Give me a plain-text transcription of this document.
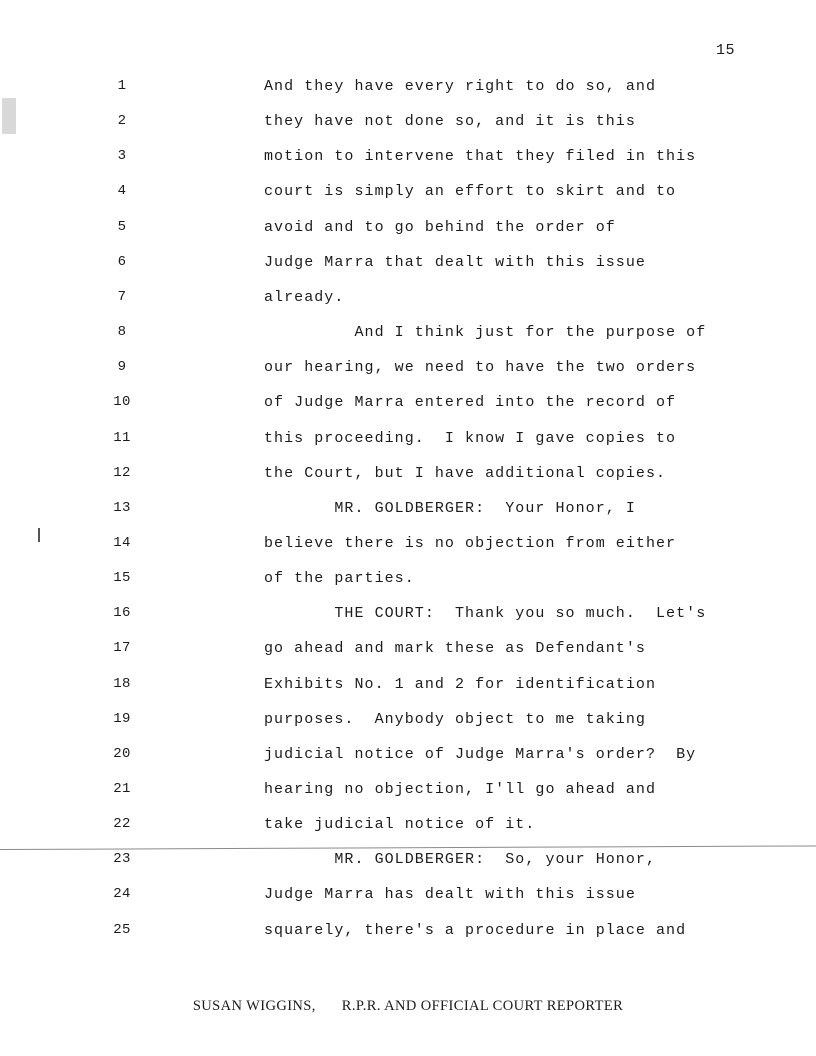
15
1	And they have every right to do so, and
2	they have not done so, and it is this
3	motion to intervene that they filed in this
4	court is simply an effort to skirt and to
5	avoid and to go behind the order of
6	Judge Marra that dealt with this issue
7	already.
8	And I think just for the purpose of
9	our hearing, we need to have the two orders
10	of Judge Marra entered into the record of
11	this proceeding.  I know I gave copies to
12	the Court, but I have additional copies.
13	MR. GOLDBERGER:  Your Honor, I
14	believe there is no objection from either
15	of the parties.
16	THE COURT:  Thank you so much.  Let's
17	go ahead and mark these as Defendant's
18	Exhibits No. 1 and 2 for identification
19	purposes.  Anybody object to me taking
20	judicial notice of Judge Marra's order?  By
21	hearing no objection, I'll go ahead and
22	take judicial notice of it.
23	MR. GOLDBERGER:  So, your Honor,
24	Judge Marra has dealt with this issue
25	squarely, there's a procedure in place and
SUSAN WIGGINS, R.P.R. AND OFFICIAL COURT REPORTER
